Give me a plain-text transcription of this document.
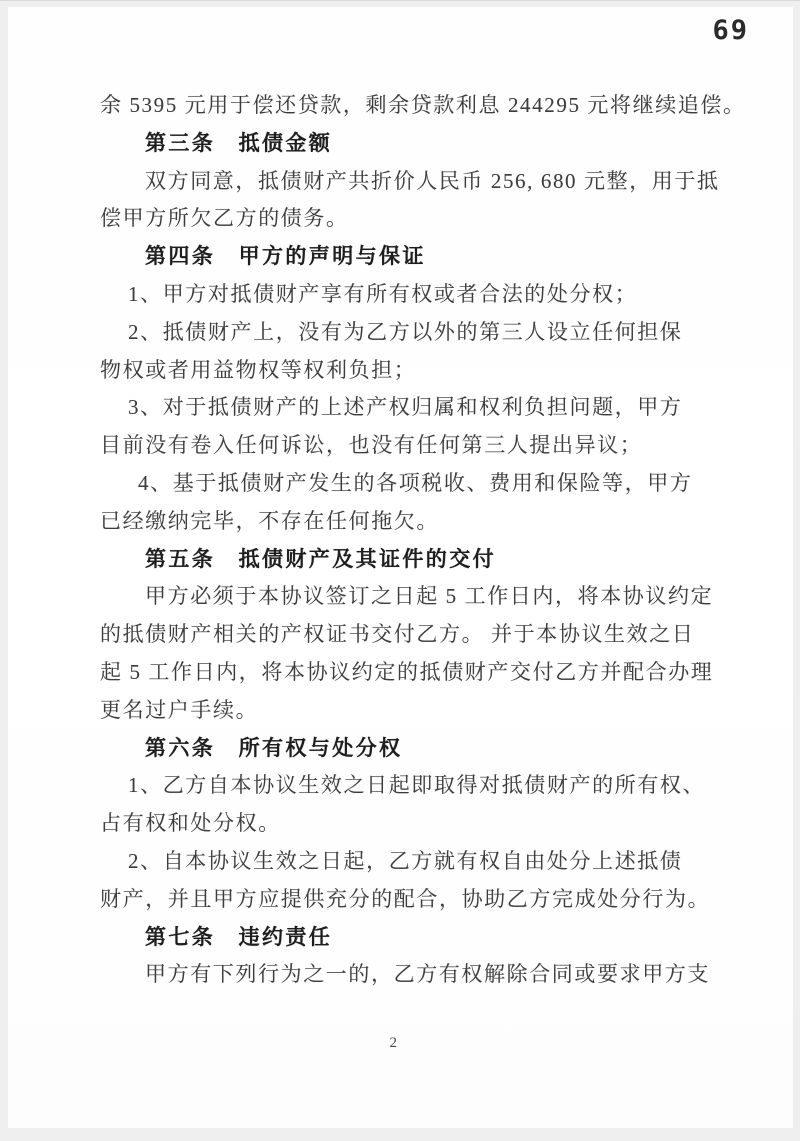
69
余 5395 元用于偿还贷款，剩余贷款利息 244295 元将继续追偿。
第三条　抵债金额
双方同意，抵债财产共折价人民币 256, 680 元整，用于抵
偿甲方所欠乙方的债务。
第四条　甲方的声明与保证
1、甲方对抵债财产享有所有权或者合法的处分权；
2、抵债财产上，没有为乙方以外的第三人设立任何担保
物权或者用益物权等权利负担；
3、对于抵债财产的上述产权归属和权利负担问题，甲方
目前没有卷入任何诉讼，也没有任何第三人提出异议；
4、基于抵债财产发生的各项税收、费用和保险等，甲方
已经缴纳完毕，不存在任何拖欠。
第五条　抵债财产及其证件的交付
甲方必须于本协议签订之日起 5 工作日内，将本协议约定
的抵债财产相关的产权证书交付乙方。 并于本协议生效之日
起 5 工作日内，将本协议约定的抵债财产交付乙方并配合办理
更名过户手续。
第六条　所有权与处分权
1、乙方自本协议生效之日起即取得对抵债财产的所有权、
占有权和处分权。
2、自本协议生效之日起，乙方就有权自由处分上述抵债
财产，并且甲方应提供充分的配合，协助乙方完成处分行为。
第七条　违约责任
甲方有下列行为之一的，乙方有权解除合同或要求甲方支
2
